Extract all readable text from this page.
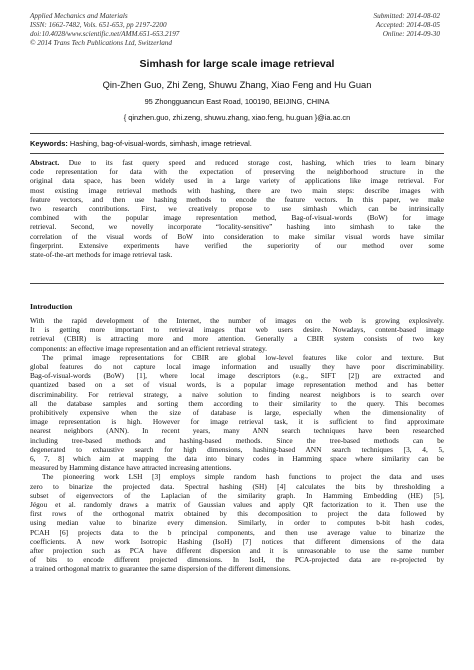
Applied Mechanics and Materials
ISSN: 1662-7482, Vols. 651-653, pp 2197-2200
doi:10.4028/www.scientific.net/AMM.651-653.2197
© 2014 Trans Tech Publications Ltd, Switzerland
Submitted: 2014-08-02
Accepted: 2014-08-05
Online: 2014-09-30
Simhash for large scale image retrieval
Qin-Zhen Guo, Zhi Zeng, Shuwu Zhang, Xiao Feng and Hu Guan
95 Zhongguancun East Road, 100190, BEIJING, CHINA
{ qinzhen.guo, zhi.zeng, shuwu.zhang, xiao.feng, hu.guan }@ia.ac.cn
Keywords: Hashing, bag-of-visual-words, simhash, image retrieval.
Abstract. Due to its fast query speed and reduced storage cost, hashing, which tries to learn binary
code representation for data with the expectation of preserving the neighborhood structure in the
original data space, has been widely used in a large variety of applications like image retrieval. For
most existing image retrieval methods with hashing, there are two main steps: describe images with
feature vectors, and then use hashing methods to encode the feature vectors. In this paper, we make
two research contributions. First, we creatively propose to use simhash which can be intrinsically
combined with the popular image representation method, Bag-of-visual-words (BoW) for image
retrieval. Second, we novelly incorporate “locality-sensitive” hashing into simhash to take the
correlation of the visual words of BoW into consideration to make similar visual words have similar
fingerprint. Extensive experiments have verified the superiority of our method over some
state-of-the-art methods for image retrieval task.
Introduction
With the rapid development of the Internet, the number of images on the web is growing explosively.
It is getting more important to retrieval images that web users desire. Nowadays, content-based image
retrieval (CBIR) is attracting more and more attention. Generally a CBIR system consists of two key
components: an effective image representation and an efficient retrieval strategy.
The primal image representations for CBIR are global low-level features like color and texture. But
global features do not capture local image information and usually they have poor discriminability.
Bag-of-visual-words (BoW) [1], where local image descriptors (e.g., SIFT [2]) are extracted and
quantized based on a set of visual words, is a popular image representation method and has better
discriminability. For retrieval strategy, a naive solution to finding nearest neighbors is to search over
all the database samples and sorting them according to their similarity to the query. This becomes
prohibitively expensive when the size of database is large, especially when the dimensionality of
image representation is high. However for image retrieval task, it is sufficient to find approximate
nearest neighbors (ANN). In recent years, many ANN search techniques have been researched
including tree-based methods and hashing-based methods. Since the tree-based methods can be
degenerated to exhaustive search for high dimensions, hashing-based ANN search techniques [3, 4, 5,
6, 7, 8] which aim at mapping the data into binary codes in Hamming space where similarity can be
measured by Hamming distance have attracted increasing attentions.
The pioneering work LSH [3] employs simple random hash functions to project the data and uses
zero to binarize the projected data. Spectral hashing (SH) [4] calculates the bits by thresholding a
subset of eigenvectors of the Laplacian of the similarity graph. In Hamming Embedding (HE) [5],
Jégou et al. randomly draws a matrix of Gaussian values and apply QR factorization to it. Then use the
first rows of the orthogonal matrix obtained by this decomposition to project the data followed by
using median value to binarize every dimension. Similarly, in order to computes b-bit hash codes,
PCAH [6] projects data to the b principal components, and then use average value to binarize the
coefficients. A new work Isotropic Hashing (IsoH) [7] notices that different dimensions of the data
after projection such as PCA have different dispersion and it is unreasonable to use the same number
of bits to encode different projected dimensions. In IsoH, the PCA-projected data are re-projected by
a trained orthogonal matrix to guarantee the same dispersion of the different dimensions.
